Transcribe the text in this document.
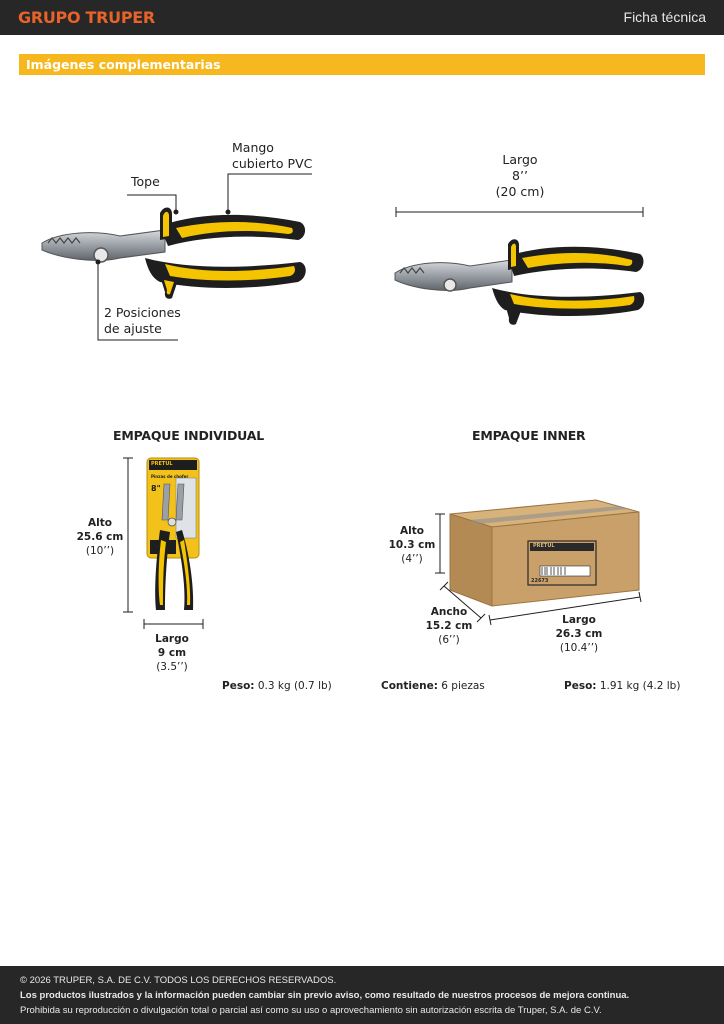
GRUPO TRUPER	Ficha técnica
Imágenes complementarias
Mango
cubierto PVC
Tope
2 Posiciones
de ajuste
Largo
8’’
(20 cm)
EMPAQUE INDIVIDUAL
PRETUL
8"
Pinzas de chofer
Alto
25.6 cm
(10’’)
Largo
9 cm
(3.5’’)
Peso: 0.3 kg (0.7 lb)
EMPAQUE INNER
PRETUL
22673
Alto
10.3 cm
(4’’)
Ancho
15.2 cm
(6’’)
Largo
26.3 cm
(10.4’’)
Contiene: 6 piezas	Peso: 1.91 kg (4.2 lb)

© 2026 TRUPER, S.A. DE C.V. TODOS LOS DERECHOS RESERVADOS.

Los productos ilustrados y la información pueden cambiar sin previo aviso, como resultado de nuestros procesos de mejora continua.

Prohibida su reproducción o divulgación total o parcial así como su uso o aprovechamiento sin autorización escrita de Truper, S.A. de C.V.
